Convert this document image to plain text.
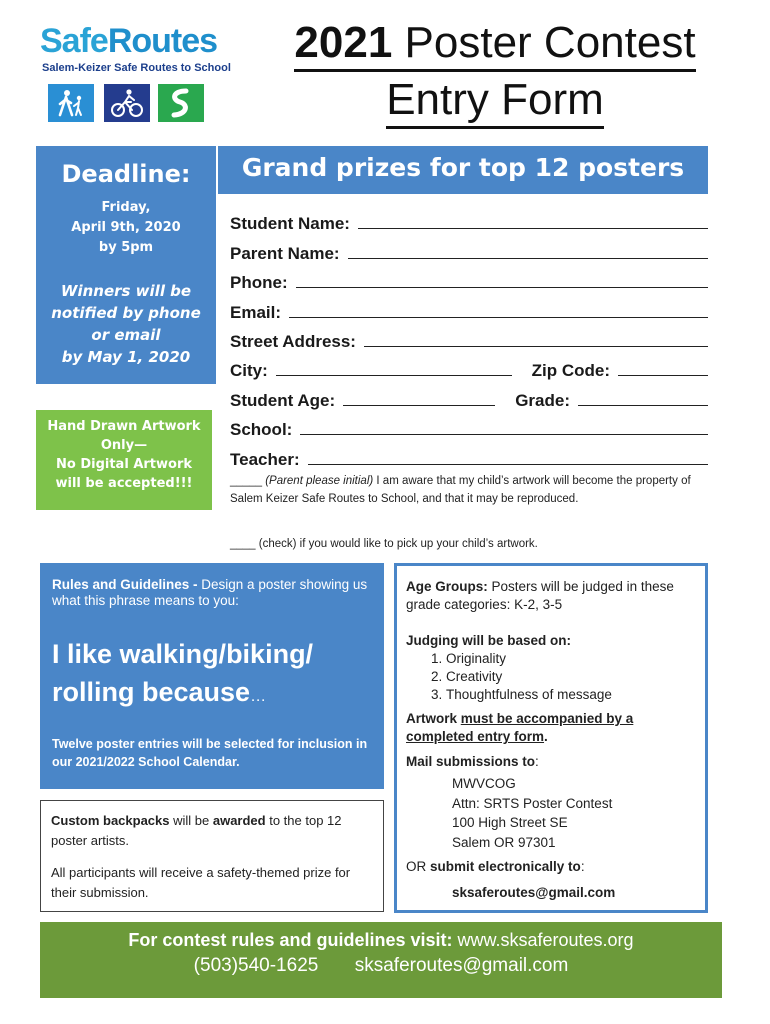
SafeRoutes
Salem-Keizer Safe Routes to School
2021 Poster Contest
Entry Form
Deadline:
Friday,
April 9th, 2020
by 5pm
Winners will be
notified by phone
or email
by May 1, 2020
Hand Drawn Artwork
Only—
No Digital Artwork
will be accepted!!!
Grand prizes for top 12 posters
Student Name:
Parent Name:
Phone:
Email:
Street Address:
City:	Zip Code:
Student Age:	Grade:
School:
Teacher:
_____ (Parent please initial) I am aware that my child’s artwork will become the property of Salem Keizer Safe Routes to School, and that it may be reproduced.
____ (check) if you would like to pick up your child’s artwork.
Rules and Guidelines - Design a poster showing us what this phrase means to you:
I like walking/biking/ rolling because…
Twelve poster entries will be selected for inclusion in our 2021/2022 School Calendar.

Custom backpacks will be awarded to the top 12 poster artists.

All participants will receive a safety-themed prize for their submission.

Age Groups: Posters will be judged in these grade categories: K-2, 3-5
Judging will be based on:
1. Originality
2. Creativity
3. Thoughtfulness of message
Artwork must be accompanied by a completed entry form.
Mail submissions to:
MWVCOG
Attn: SRTS Poster Contest
100 High Street SE
Salem OR 97301
OR submit electronically to:
sksaferoutes@gmail.com
For contest rules and guidelines visit: www.sksaferoutes.org
(503)540-1625 sksaferoutes@gmail.com
